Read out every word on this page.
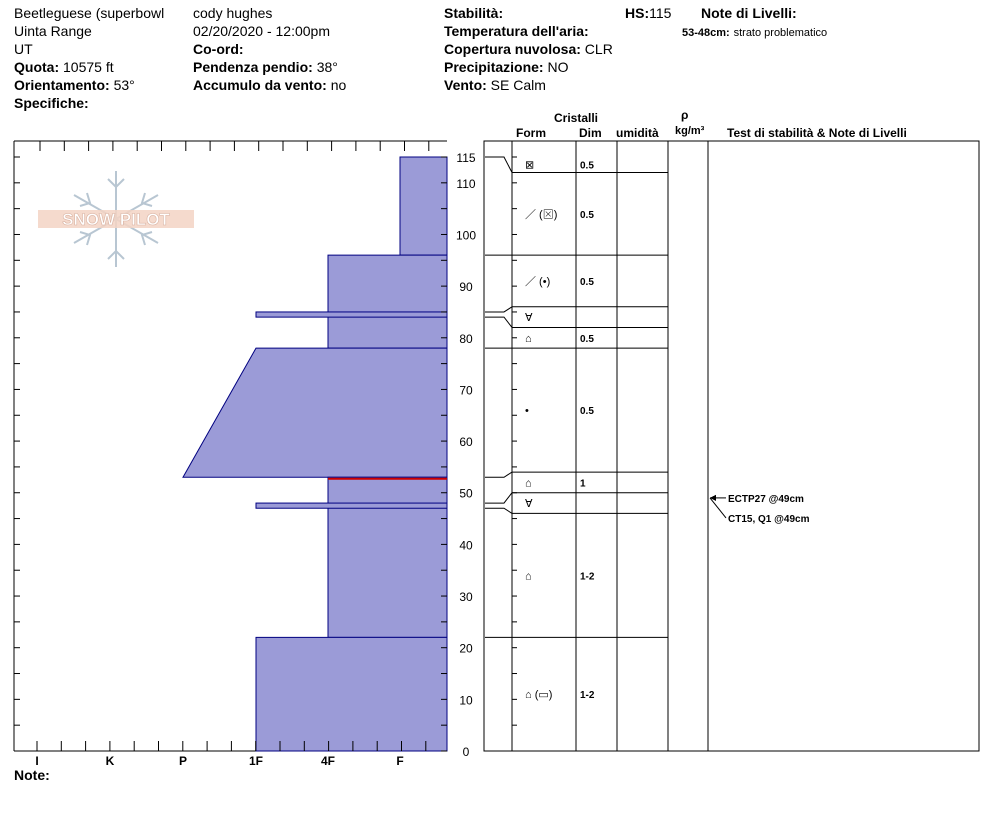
Beetleguese (superbowl
Uinta Range
UT
Quota: 10575 ft
Orientamento: 53°
Specifiche:
cody hughes
02/20/2020 - 12:00pm
Co-ord:
Pendenza pendio: 38°
Accumulo da vento: no
Stabilità:
Temperatura dell'aria:
Copertura nuvolosa: CLR
Precipitazione: NO
Vento: SE Calm
HS:115 Note di Livelli:
53-48cm: strato problematico
Cristalli
Form	Dim umidità
ρ
kg/m³ Test di stabilità & Note di Livelli
SNOW PILOT
0
10
20
30
40
50
60
70
80
90
100
110
115
I	K	P	1F	4F	F
⊠	0.5
／ (⊠) 0.5
／ (•)	0.5
∀
⌂	0.5
•	0.5
⌂	1
∀
⌂	1-2
⌂ (▭)	1-2
ECTP27 @49cm
CT15, Q1 @49cm
Note:
